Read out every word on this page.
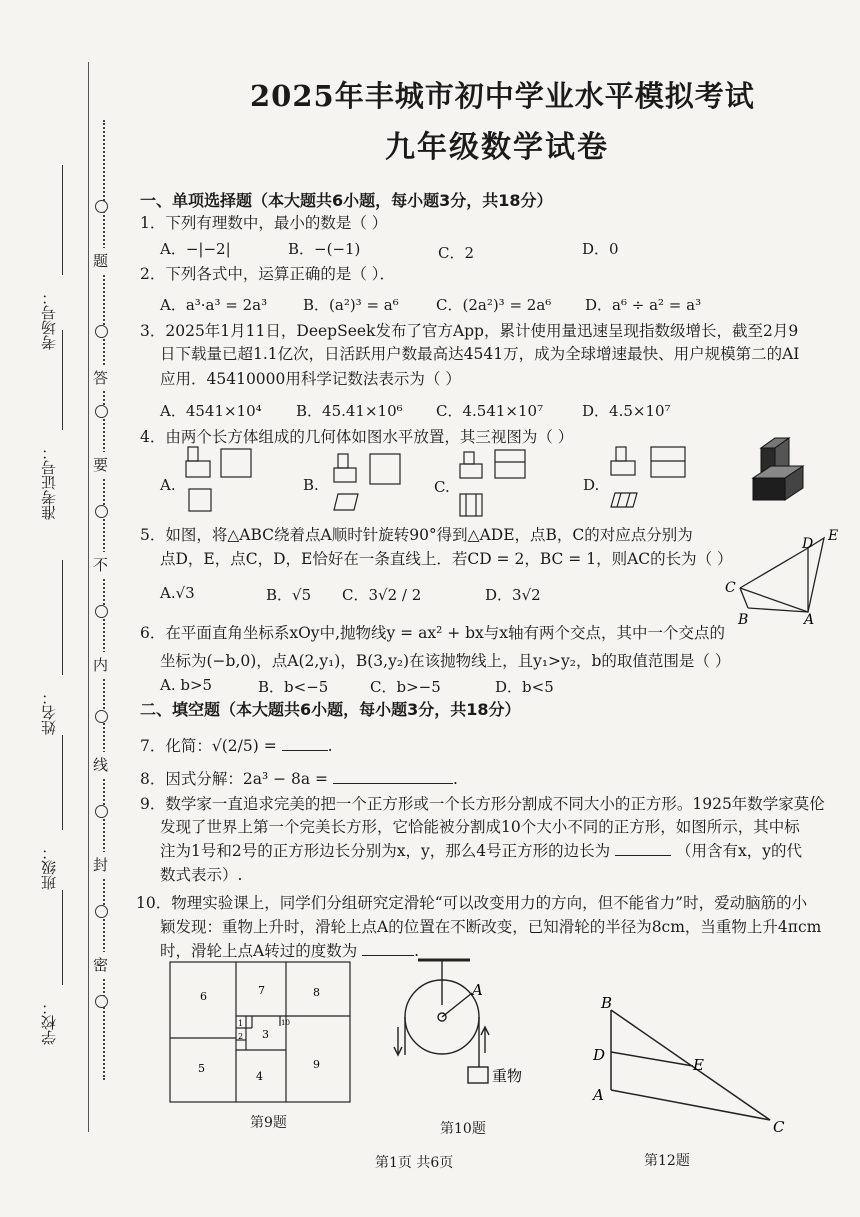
考场号：
准考证号：
姓名：
班级：
学校：
题
答
要
不
内
线
封
密
2025年丰城市初中学业水平模拟考试
九年级数学试卷
一、单项选择题（本大题共6小题，每小题3分，共18分）
1．下列有理数中，最小的数是（ ）
A．−|−2|	B．−(−1)	C．2	D．0
2．下列各式中，运算正确的是（ ）．
A．a³·a³ = 2a³ B．(a²)³ = a⁶ C．(2a²)³ = 2a⁶ D．a⁶ ÷ a² = a³
3．2025年1月11日，DeepSeek发布了官方App，累计使用量迅速呈现指数级增长，截至2月9
日下载量已超1.1亿次，日活跃用户数最高达4541万，成为全球增速最快、用户规模第二的AI
应用．45410000用科学记数法表示为（ ）
A．4541×10⁴ B．45.41×10⁶ C．4.541×10⁷	D．4.5×10⁷
4．由两个长方体组成的几何体如图水平放置，其三视图为（ ）
A.	B.	C.	D.
5．如图，将△ABC绕着点A顺时针旋转90°得到△ADE，点B，C的对应点分别为
点D，E，点C，D，E恰好在一条直线上．若CD = 2，BC = 1，则AC的长为（ ）
A.√3	B．√5 C．3√2 / 2	D．3√2	C
B	A
D E
6．在平面直角坐标系xOy中,抛物线y = ax² + bx与x轴有两个交点，其中一个交点的
坐标为(−b,0)，点A(2,y₁)，B(3,y₂)在该抛物线上，且y₁>y₂，b的取值范围是（ ）
A. b>5	B．b<−5	C．b>−5	D．b<5
二、填空题（本大题共6小题，每小题3分，共18分）
7．化简：√(2/5) =	.
8．因式分解：2a³ − 8a =	.
9．数学家一直追求完美的把一个正方形或一个长方形分割成不同大小的正方形。1925年数学家莫伦
发现了世界上第一个完美长方形，它恰能被分割成10个大小不同的正方形，如图所示，其中标
注为1号和2号的正方形边长分别为x，y，那么4号正方形的边长为	（用含有x，y的代
数式表示）.
10．物理实验课上，同学们分组研究定滑轮“可以改变用力的方向，但不能省力”时，爱动脑筋的小
颖发现：重物上升时，滑轮上点A的位置在不断改变，已知滑轮的半径为8cm，当重物上升4πcm
时，滑轮上点A转过的度数为	.
6	7	8
1
2 3
10
5
4
9
第9题
A
重物
第10题
B
D
E
A
C
第12题
第1页 共6页
